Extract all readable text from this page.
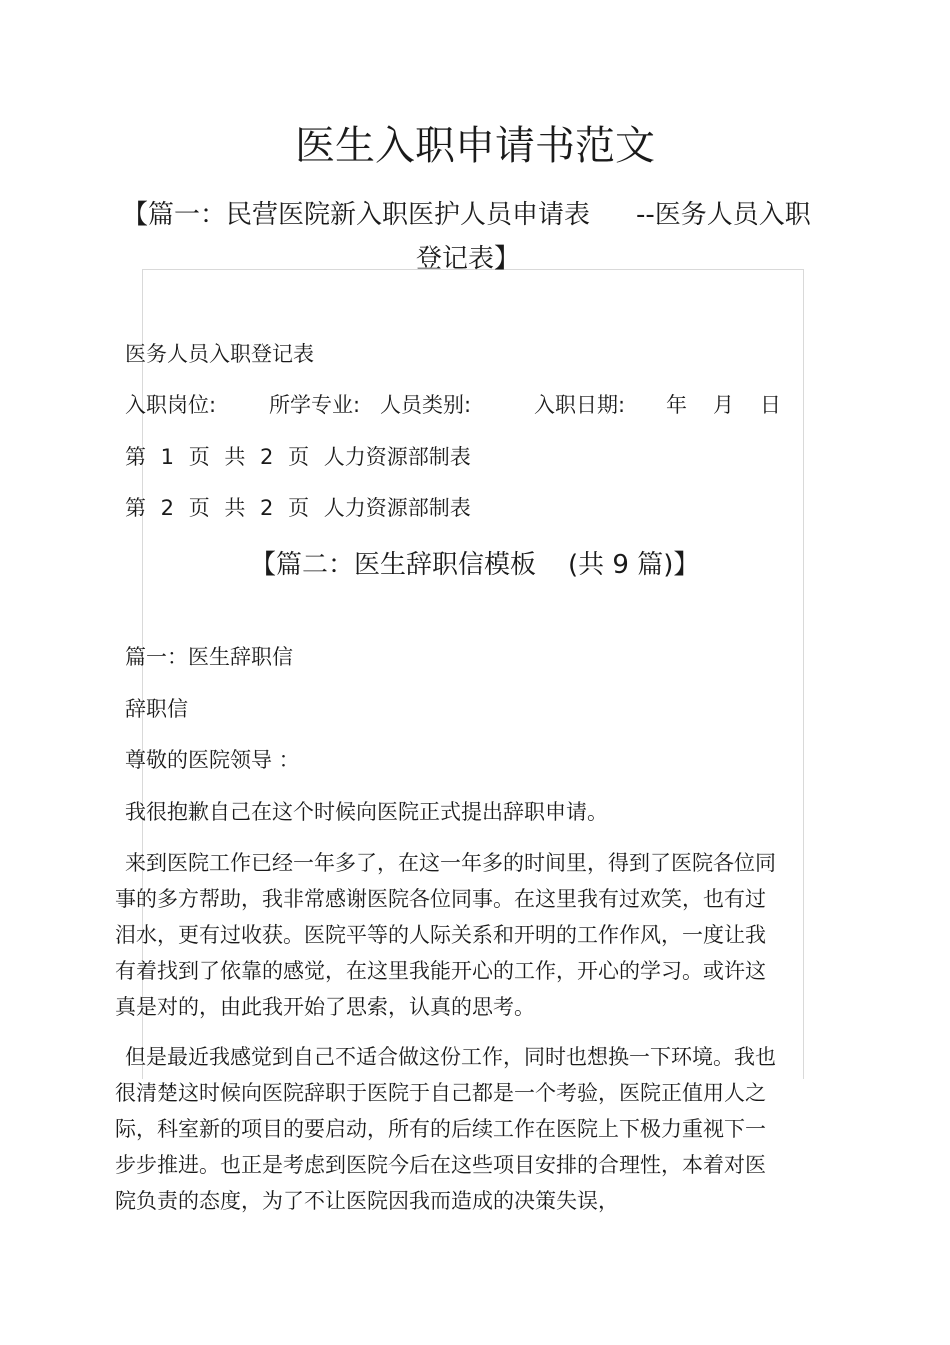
医生入职申请书范文
【篇一：民营医院新入职医护人员申请表 --医务人员入职
登记表】
医务人员入职登记表
入职岗位:	所学专业: 人员类别:	入职日期: 年 月 日
第 1 页 共 2 页 人力资源部制表
第 2 页 共 2 页 人力资源部制表
【篇二：医生辞职信模板 (共 9 篇)】
篇一：医生辞职信
辞职信
尊敬的医院领导 ：
我很抱歉自己在这个时候向医院正式提出辞职申请。
来到医院工作已经一年多了，在这一年多的时间里，得到了医院各位同事的多方帮助，我非常感谢医院各位同事。在这里我有过欢笑，也有过泪水，更有过收获。医院平等的人际关系和开明的工作作风，一度让我有着找到了依靠的感觉，在这里我能开心的工作，开心的学习。或许这真是对的，由此我开始了思索，认真的思考。
但是最近我感觉到自己不适合做这份工作，同时也想换一下环境。我也很清楚这时候向医院辞职于医院于自己都是一个考验，医院正值用人之际，科室新的项目的要启动，所有的后续工作在医院上下极力重视下一步步推进。也正是考虑到医院今后在这些项目安排的合理性，本着对医院负责的态度，为了不让医院因我而造成的决策失误，
